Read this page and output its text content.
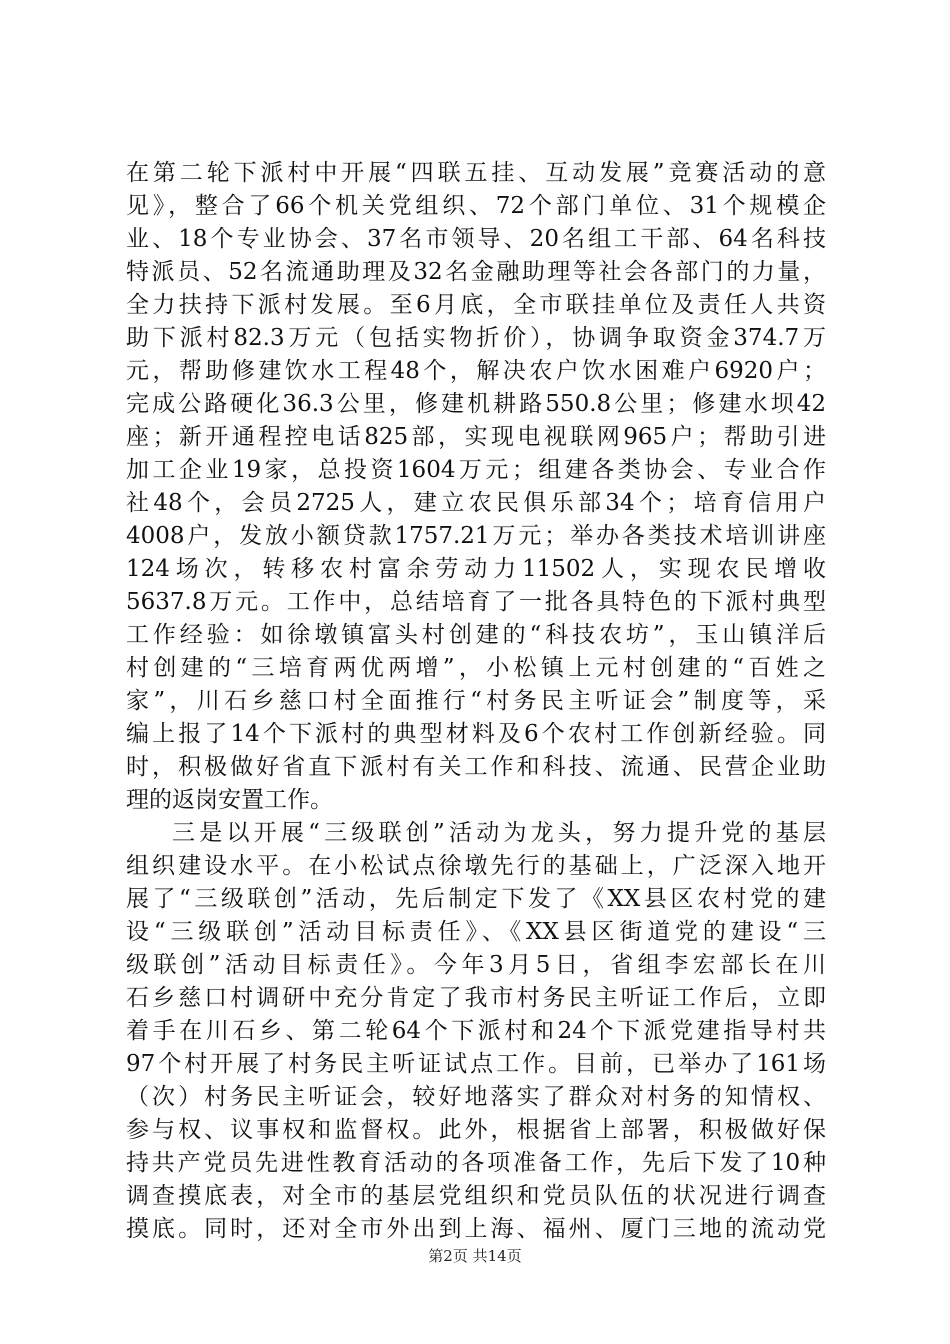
在第二轮下派村中开展“四联五挂、互动发展”竞赛活动的意
见》，整合了66个机关党组织、72个部门单位、31个规模企
业、18个专业协会、37名市领导、20名组工干部、64名科技
特派员、52名流通助理及32名金融助理等社会各部门的力量，
全力扶持下派村发展。至6月底，全市联挂单位及责任人共资
助下派村82.3万元（包括实物折价），协调争取资金374.7万
元，帮助修建饮水工程48个，解决农户饮水困难户6920户；
完成公路硬化36.3公里，修建机耕路550.8公里；修建水坝42
座；新开通程控电话825部，实现电视联网965户；帮助引进
加工企业19家，总投资1604万元；组建各类协会、专业合作
社48个，会员2725人，建立农民俱乐部34个；培育信用户
4008户，发放小额贷款1757.21万元；举办各类技术培训讲座
124场次，转移农村富余劳动力11502人，实现农民增收
5637.8万元。工作中，总结培育了一批各具特色的下派村典型
工作经验：如徐墩镇富头村创建的“科技农坊”，玉山镇洋后
村创建的“三培育两优两增”，小松镇上元村创建的“百姓之
家”，川石乡慈口村全面推行“村务民主听证会”制度等，采
编上报了14个下派村的典型材料及6个农村工作创新经验。同
时，积极做好省直下派村有关工作和科技、流通、民营企业助
理的返岗安置工作。
三是以开展“三级联创”活动为龙头，努力提升党的基层
组织建设水平。在小松试点徐墩先行的基础上，广泛深入地开
展了“三级联创”活动，先后制定下发了《XX县区农村党的建
设“三级联创”活动目标责任》、《XX县区街道党的建设“三
级联创”活动目标责任》。今年3月5日，省组李宏部长在川
石乡慈口村调研中充分肯定了我市村务民主听证工作后，立即
着手在川石乡、第二轮64个下派村和24个下派党建指导村共
97个村开展了村务民主听证试点工作。目前，已举办了161场
（次）村务民主听证会，较好地落实了群众对村务的知情权、
参与权、议事权和监督权。此外，根据省上部署，积极做好保
持共产党员先进性教育活动的各项准备工作，先后下发了10种
调查摸底表，对全市的基层党组织和党员队伍的状况进行调查
摸底。同时，还对全市外出到上海、福州、厦门三地的流动党
第2页 共14页
